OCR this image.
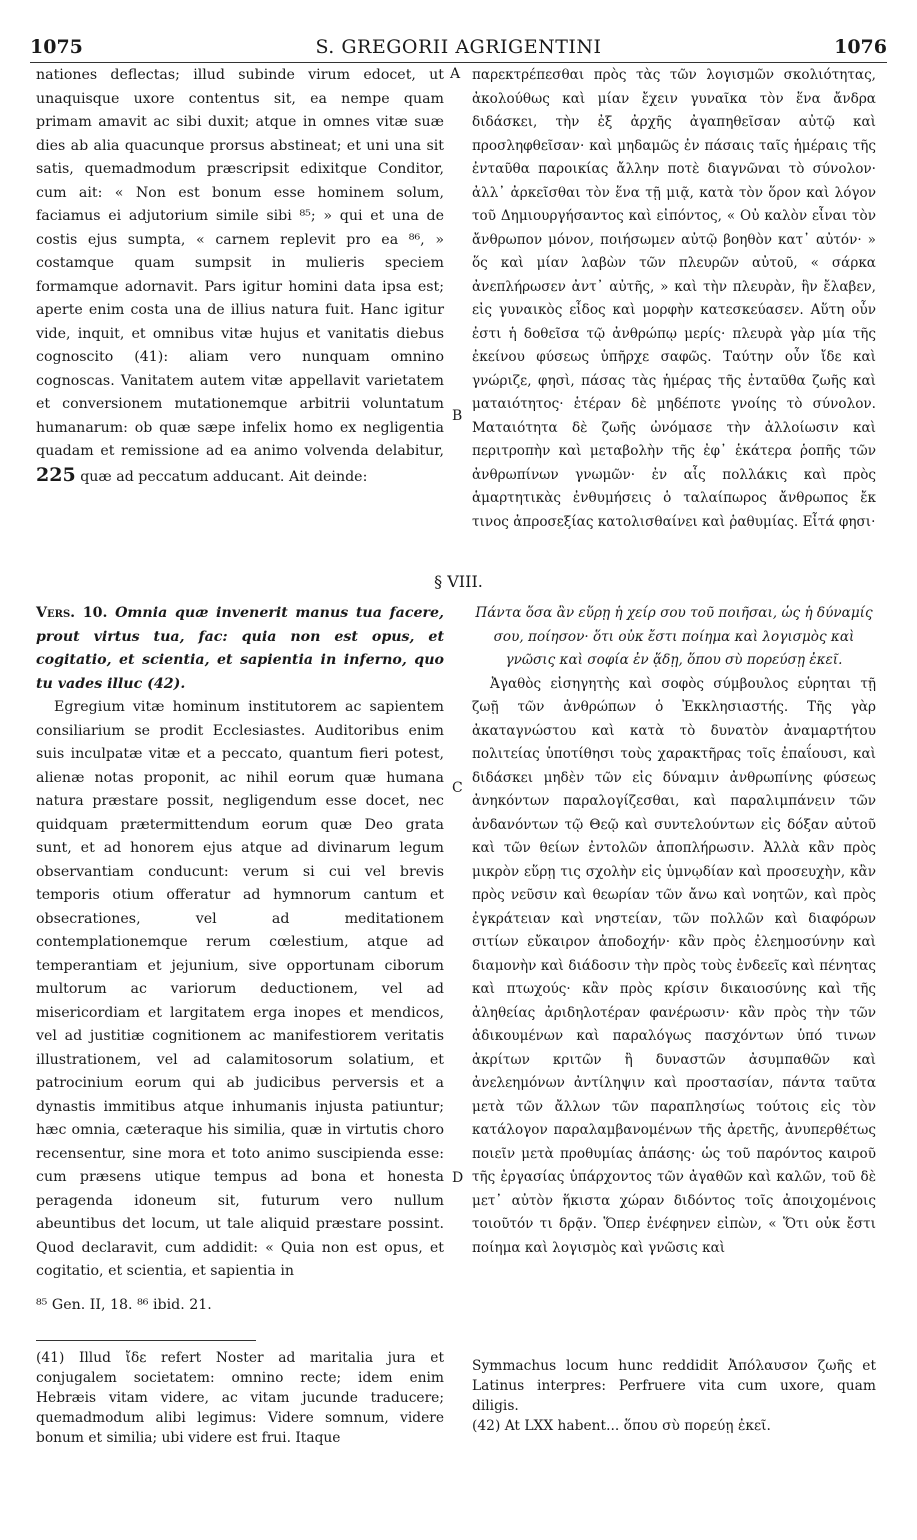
1075	S. GREGORII AGRIGENTINI	1076
A
B
C
D

nationes deflectas; illud subinde virum edocet, ut unaquisque uxore contentus sit, ea nempe quam primam amavit ac sibi duxit; atque in omnes vitæ suæ dies ab alia quacunque prorsus abstineat; et uni una sit satis, quemadmodum præscripsit edixitque Conditor, cum ait: « Non est bonum esse hominem solum, faciamus ei adjutorium simile sibi ⁸⁵; » qui et una de costis ejus sumpta, « carnem replevit pro ea ⁸⁶, » costamque quam sumpsit in mulieris speciem formamque adornavit. Pars igitur homini data ipsa est; aperte enim costa una de illius natura fuit. Hanc igitur vide, inquit, et omnibus vitæ hujus et vanitatis diebus cognoscito (41): aliam vero nunquam omnino cognoscas. Vanitatem autem vitæ appellavit varietatem et conversionem mutationemque arbitrii voluntatum humanarum: ob quæ sæpe infelix homo ex negligentia quadam et remissione ad ea animo volvenda delabitur, 225 quæ ad peccatum adducant. Ait deinde:

παρεκτρέπεσθαι πρὸς τὰς τῶν λογισμῶν σκολιότητας, ἀκολούθως καὶ μίαν ἔχειν γυναῖκα τὸν ἕνα ἄνδρα διδάσκει, τὴν ἐξ ἀρχῆς ἀγαπηθεῖσαν αὐτῷ καὶ προσληφθεῖσαν· καὶ μηδαμῶς ἐν πάσαις ταῖς ἡμέραις τῆς ἐνταῦθα παροικίας ἄλλην ποτὲ διαγνῶναι τὸ σύνολον· ἀλλ᾽ ἀρκεῖσθαι τὸν ἕνα τῇ μιᾷ, κατὰ τὸν ὅρον καὶ λόγον τοῦ Δημιουργήσαντος καὶ εἰπόντος, « Οὐ καλὸν εἶναι τὸν ἄνθρωπον μόνον, ποιήσωμεν αὐτῷ βοηθὸν κατ᾽ αὐτόν· » ὅς καὶ μίαν λαβὼν τῶν πλευρῶν αὐτοῦ, « σάρκα ἀνεπλήρωσεν ἀντ᾽ αὐτῆς, » καὶ τὴν πλευρὰν, ἣν ἔλαβεν, εἰς γυναικὸς εἶδος καὶ μορφὴν κατεσκεύασεν. Αὕτη οὖν ἐστι ἡ δοθεῖσα τῷ ἀνθρώπῳ μερίς· πλευρὰ γὰρ μία τῆς ἐκείνου φύσεως ὑπῆρχε σαφῶς. Ταύτην οὖν ἴδε καὶ γνώριζε, φησὶ, πάσας τὰς ἡμέρας τῆς ἐνταῦθα ζωῆς καὶ ματαιότητος· ἑτέραν δὲ μηδέποτε γνοίης τὸ σύνολον. Ματαιότητα δὲ ζωῆς ὠνόμασε τὴν ἀλλοίωσιν καὶ περιτροπὴν καὶ μεταβολὴν τῆς ἐφ᾽ ἑκάτερα ῥοπῆς τῶν ἀνθρωπίνων γνωμῶν· ἐν αἷς πολλάκις καὶ πρὸς ἁμαρτητικὰς ἐνθυμήσεις ὁ ταλαίπωρος ἄνθρωπος ἔκ τινος ἀπροσεξίας κατολισθαίνει καὶ ῥαθυμίας. Εἶτά φησι·

§ VIII.

Vers. 10. Omnia quæ invenerit manus tua facere, prout virtus tua, fac: quia non est opus, et cogitatio, et scientia, et sapientia in inferno, quo tu vades illuc (42).

Egregium vitæ hominum institutorem ac sapientem consiliarium se prodit Ecclesiastes. Auditoribus enim suis inculpatæ vitæ et a peccato, quantum fieri potest, alienæ notas proponit, ac nihil eorum quæ humana natura præstare possit, negligendum esse docet, nec quidquam prætermittendum eorum quæ Deo grata sunt, et ad honorem ejus atque ad divinarum legum observantiam conducunt: verum si cui vel brevis temporis otium offeratur ad hymnorum cantum et obsecrationes, vel ad meditationem contemplationemque rerum cœlestium, atque ad temperantiam et jejunium, sive opportunam ciborum multorum ac variorum deductionem, vel ad misericordiam et largitatem erga inopes et mendicos, vel ad justitiæ cognitionem ac manifestiorem veritatis illustrationem, vel ad calamitosorum solatium, et patrocinium eorum qui ab judicibus perversis et a dynastis immitibus atque inhumanis injusta patiuntur; hæc omnia, cæteraque his similia, quæ in virtutis choro recensentur, sine mora et toto animo suscipienda esse: cum præsens utique tempus ad bona et honesta peragenda idoneum sit, futurum vero nullum abeuntibus det locum, ut tale aliquid præstare possint. Quod declaravit, cum addidit: « Quia non est opus, et cogitatio, et scientia, et sapientia in

⁸⁵ Gen. II, 18. ⁸⁶ ibid. 21.

Πάντα ὅσα ἂν εὕρῃ ἡ χείρ σου τοῦ ποιῆσαι, ὡς ἡ δύναμίς σου, ποίησον· ὅτι οὐκ ἔστι ποίημα καὶ λογισμὸς καὶ γνῶσις καὶ σοφία ἐν ᾅδῃ, ὅπου σὺ πορεύσῃ ἐκεῖ.

Ἀγαθὸς εἰσηγητὴς καὶ σοφὸς σύμβουλος εὑρηται τῇ ζωῇ τῶν ἀνθρώπων ὁ Ἐκκλησιαστής. Τῆς γὰρ ἀκαταγνώστου καὶ κατὰ τὸ δυνατὸν ἀναμαρτήτου πολιτείας ὑποτίθησι τοὺς χαρακτῆρας τοῖς ἐπαΐουσι, καὶ διδάσκει μηδὲν τῶν εἰς δύναμιν ἀνθρωπίνης φύσεως ἀνηκόντων παραλογίζεσθαι, καὶ παραλιμπάνειν τῶν ἀνδανόντων τῷ Θεῷ καὶ συντελούντων εἰς δόξαν αὐτοῦ καὶ τῶν θείων ἐντολῶν ἀποπλήρωσιν. Ἀλλὰ κἂν πρὸς μικρὸν εὕρῃ τις σχολὴν εἰς ὑμνῳδίαν καὶ προσευχὴν, κἂν πρὸς νεῦσιν καὶ θεωρίαν τῶν ἄνω καὶ νοητῶν, καὶ πρὸς ἐγκράτειαν καὶ νηστείαν, τῶν πολλῶν καὶ διαφόρων σιτίων εὔκαιρον ἀποδοχήν· κἂν πρὸς ἐλεημοσύνην καὶ διαμονὴν καὶ διάδοσιν τὴν πρὸς τοὺς ἐνδεεῖς καὶ πένητας καὶ πτωχούς· κἂν πρὸς κρίσιν δικαιοσύνης καὶ τῆς ἀληθείας ἀριδηλοτέραν φανέρωσιν· κἂν πρὸς τὴν τῶν ἀδικουμένων καὶ παραλόγως πασχόντων ὑπό τινων ἀκρίτων κριτῶν ἢ δυναστῶν ἀσυμπαθῶν καὶ ἀνελεημόνων ἀντίληψιν καὶ προστασίαν, πάντα ταῦτα μετὰ τῶν ἄλλων τῶν παραπλησίως τούτοις εἰς τὸν κατάλογον παραλαμβανομένων τῆς ἀρετῆς, ἀνυπερθέτως ποιεῖν μετὰ προθυμίας ἁπάσης· ὡς τοῦ παρόντος καιροῦ τῆς ἐργασίας ὑπάρχοντος τῶν ἀγαθῶν καὶ καλῶν, τοῦ δὲ μετ᾽ αὐτὸν ἥκιστα χώραν διδόντος τοῖς ἀποιχομένοις τοιοῦτόν τι δρᾷν. Ὅπερ ἐνέφηνεν εἰπὼν, « Ὅτι οὐκ ἔστι ποίημα καὶ λογισμὸς καὶ γνῶσις καὶ

(41) Illud ἴδε refert Noster ad maritalia jura et conjugalem societatem: omnino recte; idem enim Hebræis vitam videre, ac vitam jucunde traducere; quemadmodum alibi legimus: Videre somnum, videre bonum et similia; ubi videre est frui. Itaque

Symmachus locum hunc reddidit Ἀπόλαυσον ζωῆς et Latinus interpres: Perfruere vita cum uxore, quam diligis.

(42) At LXX habent... ὅπου σὺ πορεύῃ ἐκεῖ.
